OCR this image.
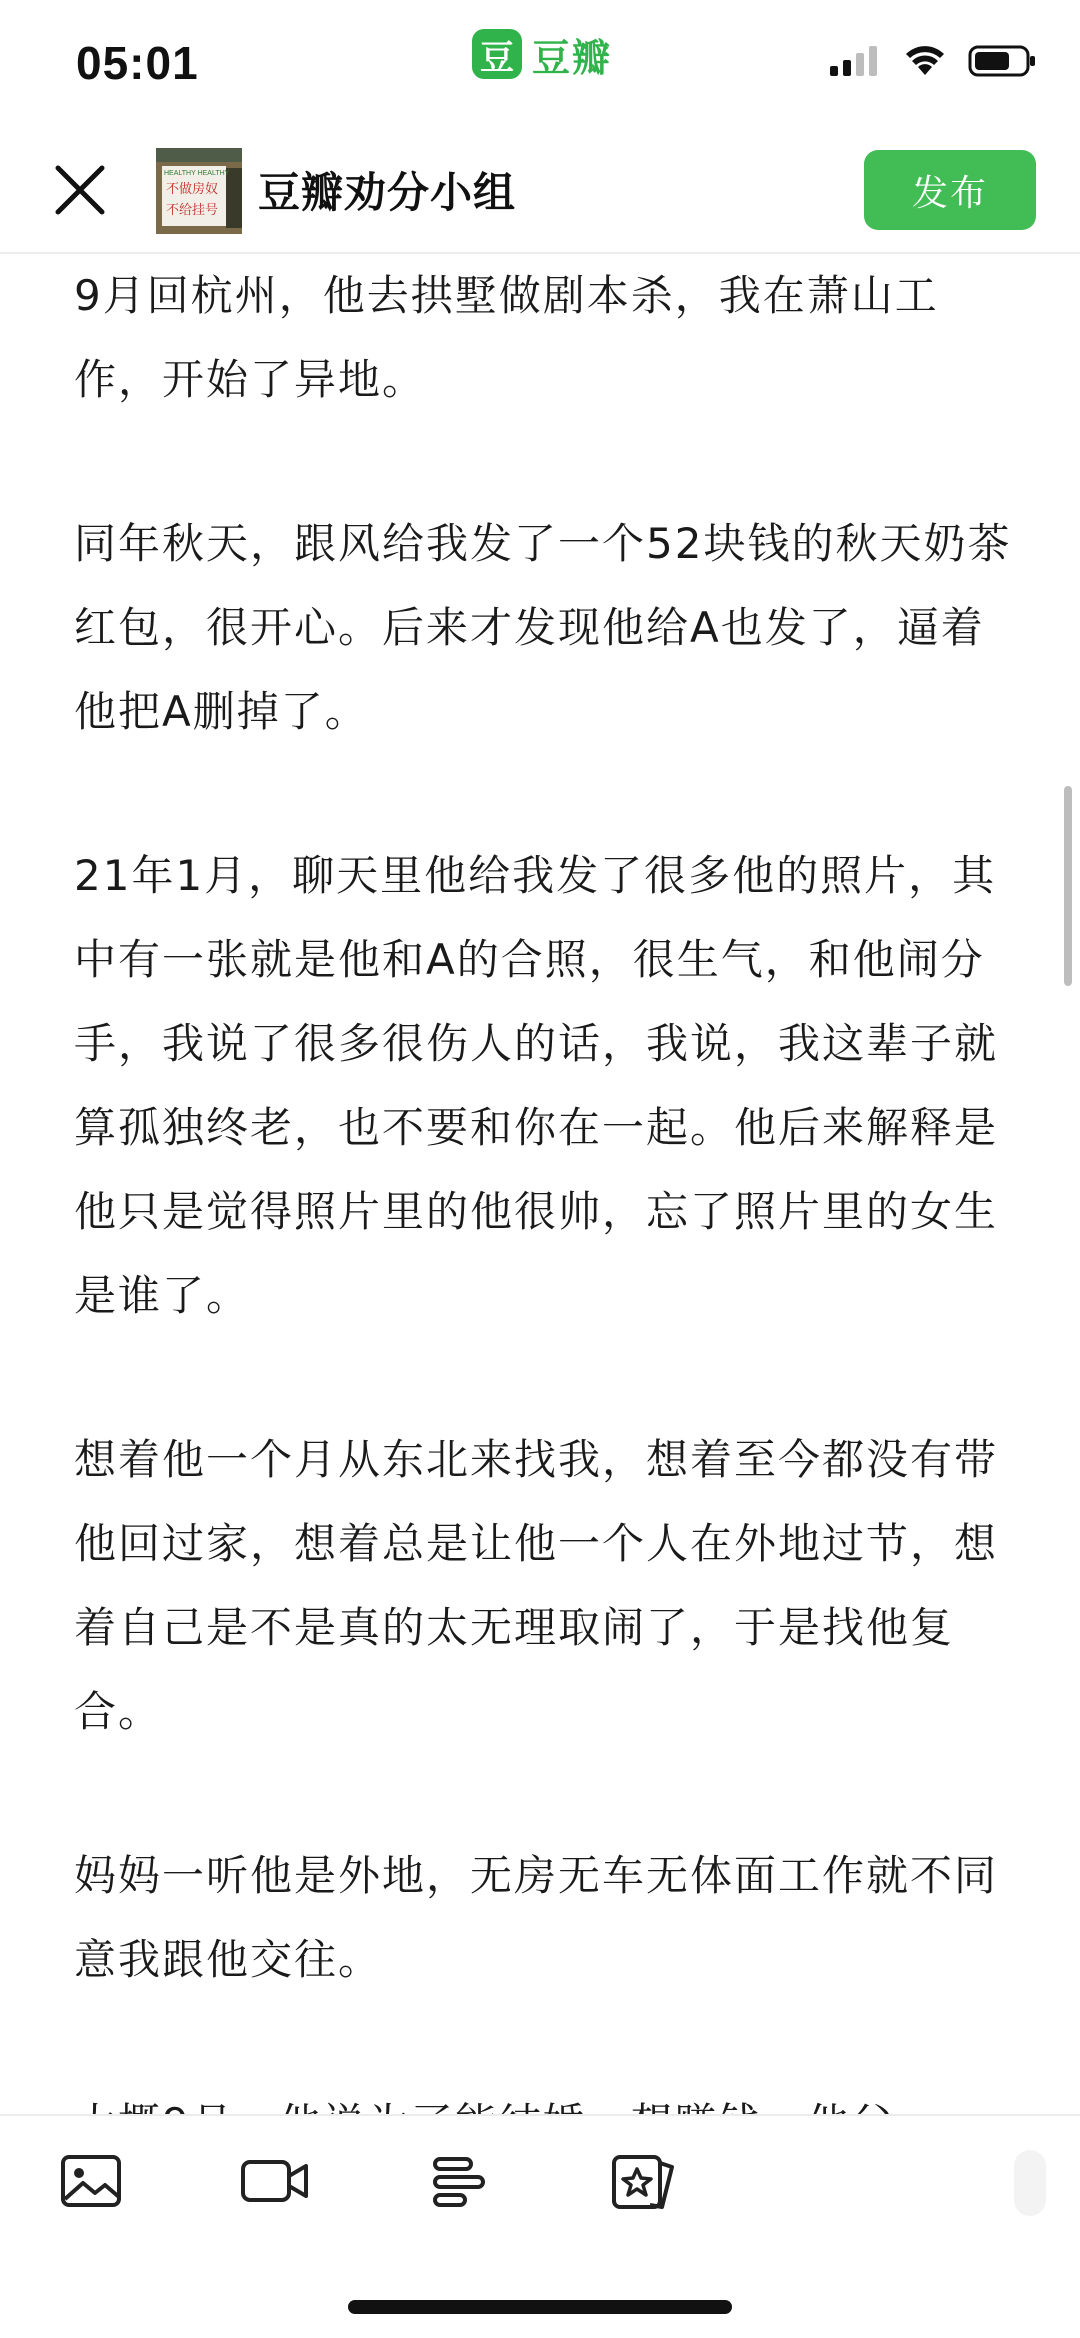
05:01	豆 豆瓣
HEALTHY HEALTHY
不做房奴
不给挂号 豆瓣劝分小组	发布

9月回杭州，他去拱墅做剧本杀，我在萧山工作，开始了异地。

同年秋天，跟风给我发了一个52块钱的秋天奶茶红包，很开心。后来才发现他给A也发了，逼着他把A删掉了。

21年1月，聊天里他给我发了很多他的照片，其中有一张就是他和A的合照，很生气，和他闹分手，我说了很多很伤人的话，我说，我这辈子就算孤独终老，也不要和你在一起。他后来解释是他只是觉得照片里的他很帅，忘了照片里的女生是谁了。

想着他一个月从东北来找我，想着至今都没有带他回过家，想着总是让他一个人在外地过节，想着自己是不是真的太无理取闹了，于是找他复合。

妈妈一听他是外地，无房无车无体面工作就不同意我跟他交往。
